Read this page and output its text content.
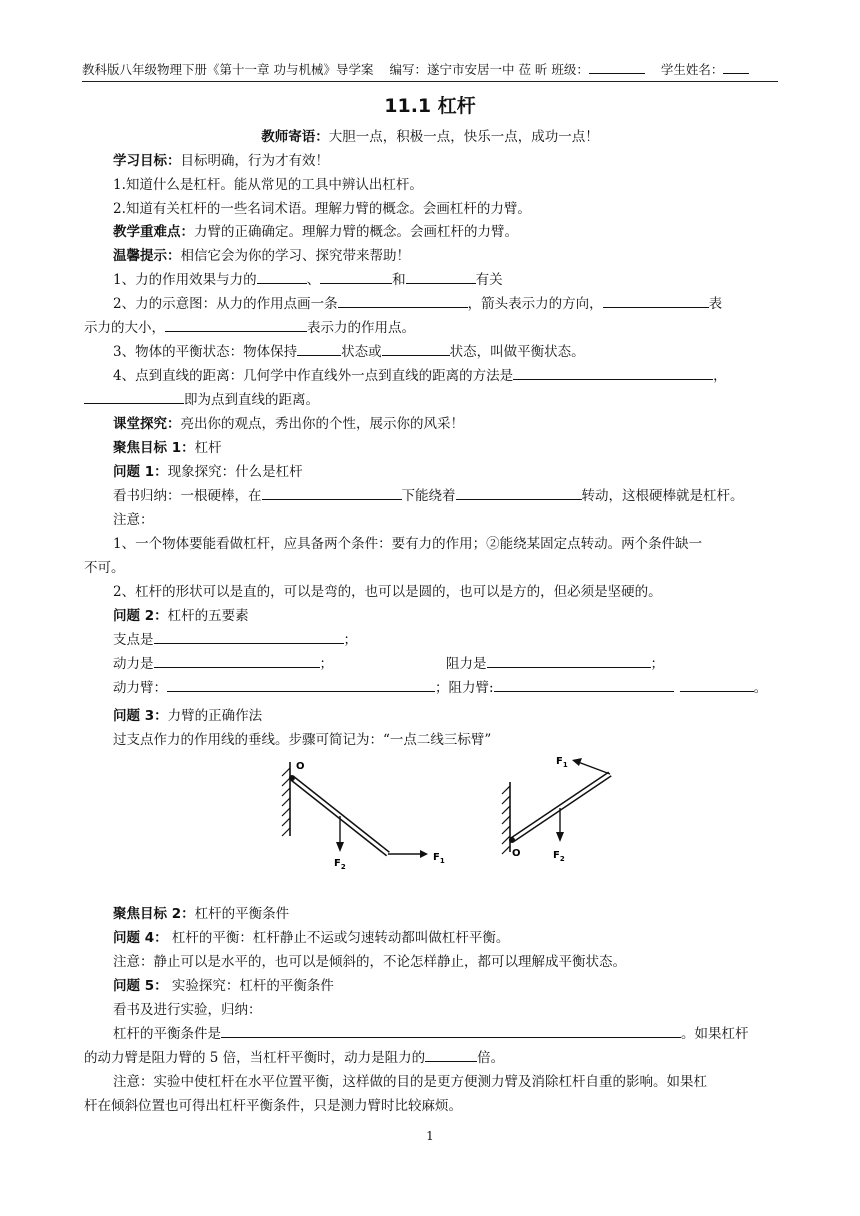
教科版八年级物理下册《第十一章 功与机械》导学案 编写：遂宁市安居一中 莅 昕 班级：	学生姓名：
11.1 杠杆
教师寄语：大胆一点，积极一点，快乐一点，成功一点！
学习目标：目标明确，行为才有效！
1.知道什么是杠杆。能从常见的工具中辨认出杠杆。
2.知道有关杠杆的一些名词术语。理解力臂的概念。会画杠杆的力臂。
教学重难点：力臂的正确确定。理解力臂的概念。会画杠杆的力臂。
温馨提示：相信它会为你的学习、探究带来帮助！
1、力的作用效果与力的	、	和	有关
2、力的示意图：从力的作用点画一条	，箭头表示力的方向，	表
示力的大小，	表示力的作用点。
3、物体的平衡状态：物体保持	状态或	状态，叫做平衡状态。
4、点到直线的距离：几何学中作直线外一点到直线的距离的方法是	，
即为点到直线的距离。
课堂探究：亮出你的观点，秀出你的个性，展示你的风采！
聚焦目标 1：杠杆
问题 1：现象探究：什么是杠杆
看书归纳：一根硬棒，在	下能绕着	转动，这根硬棒就是杠杆。
注意：
1、一个物体要能看做杠杆，应具备两个条件：要有力的作用；②能绕某固定点转动。两个条件缺一
不可。
2、杠杆的形状可以是直的，可以是弯的，也可以是圆的，也可以是方的，但必须是坚硬的。
问题 2：杠杆的五要素
支点是	；
动力是	；	阻力是	；
动力臂：	；阻力臂:	。
问题 3：力臂的正确作法
过支点作力的作用线的垂线。步骤可简记为：“一点二线三标臂”
O
$F_2$
$F_1$
O	$F_2$
$F_1$
聚焦目标 2：杠杆的平衡条件
问题 4： 杠杆的平衡：杠杆静止不运或匀速转动都叫做杠杆平衡。
注意：静止可以是水平的，也可以是倾斜的，不论怎样静止，都可以理解成平衡状态。
问题 5： 实验探究：杠杆的平衡条件
看书及进行实验，归纳：
杠杆的平衡条件是	。如果杠杆
的动力臂是阻力臂的 5 倍，当杠杆平衡时，动力是阻力的	倍。
注意：实验中使杠杆在水平位置平衡，这样做的目的是更方便测力臂及消除杠杆自重的影响。如果杠
杆在倾斜位置也可得出杠杆平衡条件，只是测力臂时比较麻烦。
1
